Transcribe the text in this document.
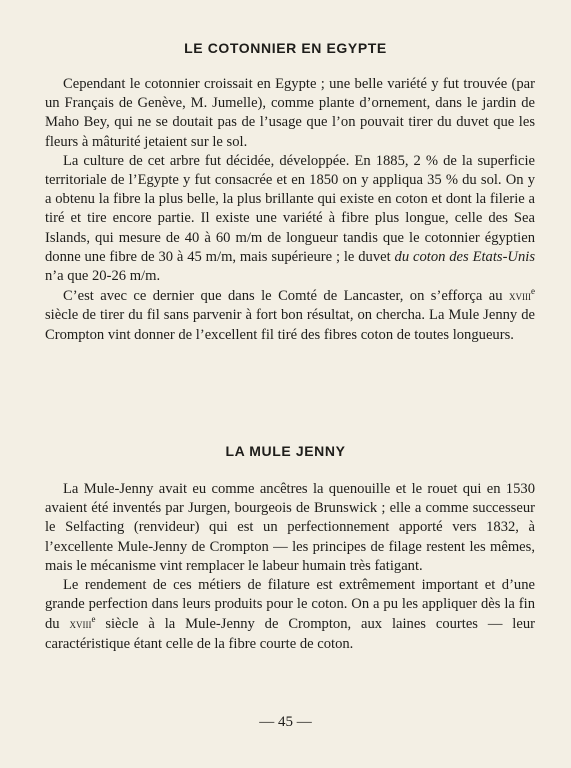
LE COTONNIER EN EGYPTE

Cependant le cotonnier croissait en Egypte ; une belle variété y fut trouvée (par un Français de Genève, M. Jumelle), comme plante d’ornement, dans le jardin de Maho Bey, qui ne se doutait pas de l’usage que l’on pouvait tirer du duvet que les fleurs à mâturité jetaient sur le sol.

La culture de cet arbre fut décidée, développée. En 1885, 2 % de la superficie territoriale de l’Egypte y fut consacrée et en 1850 on y appliqua 35 % du sol. On y a obtenu la fibre la plus belle, la plus brillante qui existe en coton et dont la filerie a tiré et tire encore partie. Il existe une variété à fibre plus longue, celle des Sea Islands, qui mesure de 40 à 60 m/m de longueur tandis que le cotonnier égyptien donne une fibre de 30 à 45 m/m, mais supérieure ; le duvet du coton des Etats-Unis n’a que 20-26 m/m.

C’est avec ce dernier que dans le Comté de Lancaster, on s’efforça au xviii$^e$ siècle de tirer du fil sans parvenir à fort bon résultat, on chercha. La Mule Jenny de Crompton vint donner de l’excellent fil tiré des fibres coton de toutes longueurs.

LA MULE JENNY

La Mule-Jenny avait eu comme ancêtres la quenouille et le rouet qui en 1530 avaient été inventés par Jurgen, bourgeois de Brunswick ; elle a comme successeur le Selfacting (renvideur) qui est un perfectionnement apporté vers 1832, à l’excellente Mule-Jenny de Crompton — les principes de filage restent les mêmes, mais le mécanisme vint remplacer le labeur humain très fatigant.

Le rendement de ces métiers de filature est extrêmement important et d’une grande perfection dans leurs produits pour le coton. On a pu les appliquer dès la fin du xviii$^e$ siècle à la Mule-Jenny de Crompton, aux laines courtes — leur caractéristique étant celle de la fibre courte de coton.

— 45 —
